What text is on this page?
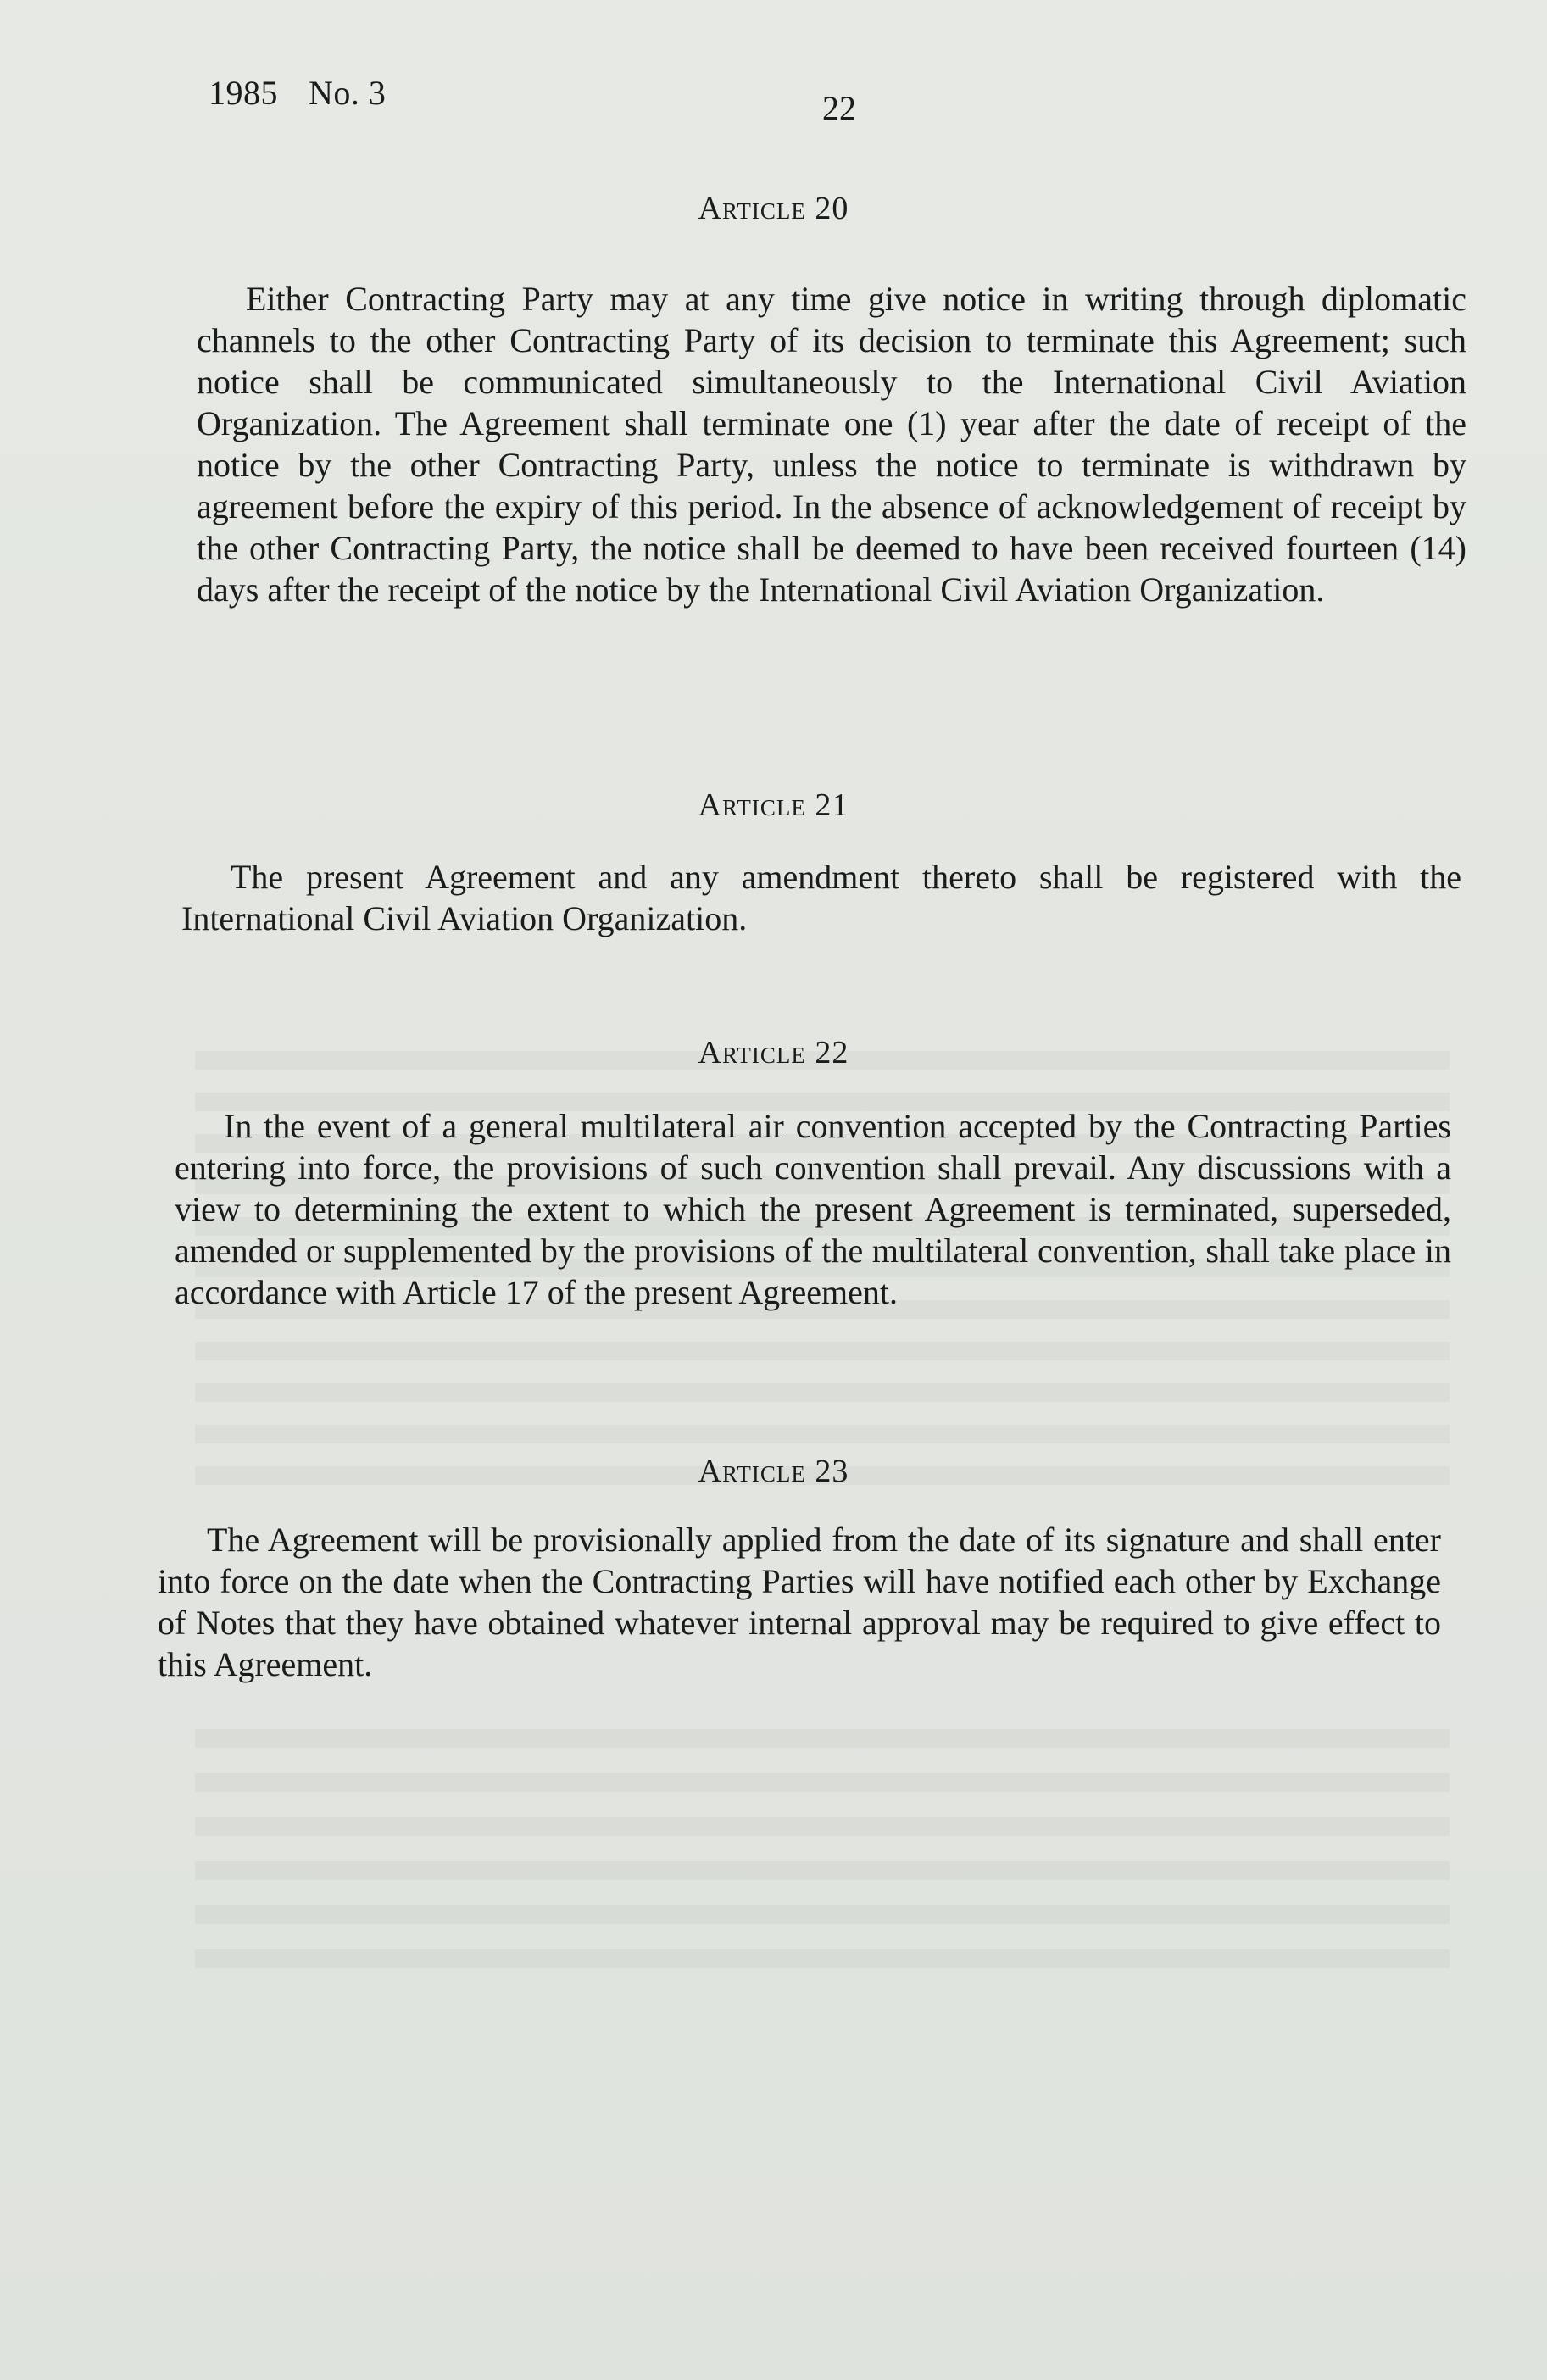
1985 No. 3	22
Article 20

Either Contracting Party may at any time give notice in writing through diplomatic channels to the other Contracting Party of its decision to terminate this Agreement; such notice shall be communicated simultaneously to the International Civil Aviation Organization. The Agreement shall terminate one (1) year after the date of receipt of the notice by the other Contracting Party, unless the notice to terminate is withdrawn by agreement before the expiry of this period. In the absence of acknowledgement of receipt by the other Contracting Party, the notice shall be deemed to have been received fourteen (14) days after the receipt of the notice by the International Civil Aviation Organization.

Article 21

The present Agreement and any amendment thereto shall be registered with the International Civil Aviation Organization.

Article 22

In the event of a general multilateral air convention accepted by the Contracting Parties entering into force, the provisions of such convention shall prevail. Any discussions with a view to determining the extent to which the present Agreement is terminated, superseded, amended or supplemented by the provisions of the multilateral convention, shall take place in accordance with Article 17 of the present Agreement.

Article 23

The Agreement will be provisionally applied from the date of its signature and shall enter into force on the date when the Contracting Parties will have notified each other by Exchange of Notes that they have obtained whatever internal approval may be required to give effect to this Agreement.
